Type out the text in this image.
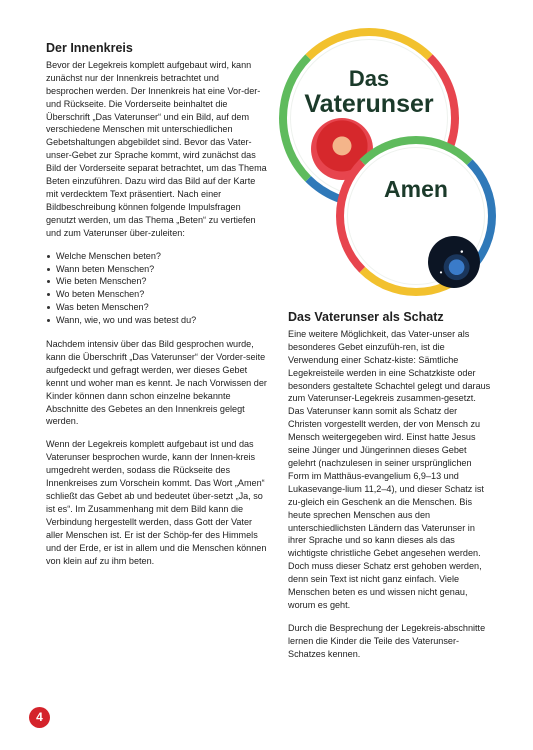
Der Innenkreis

Bevor der Legekreis komplett aufgebaut wird, kann zunächst nur der Innenkreis betrachtet und besprochen werden. Der Innenkreis hat eine Vor-der- und Rückseite. Die Vorderseite beinhaltet die Überschrift „Das Vaterunser“ und ein Bild, auf dem verschiedene Menschen mit unterschiedlichen Gebetshaltungen abgebildet sind. Bevor das Vater-unser-Gebet zur Sprache kommt, wird zunächst das Bild der Vorderseite separat betrachtet, um das Thema Beten einzuführen. Dazu wird das Bild auf der Karte mit verdecktem Text präsentiert. Nach einer Bildbeschreibung können folgende Impulsfragen genutzt werden, um das Thema „Beten“ zu vertiefen und zum Vaterunser über-zuleiten:

Welche Menschen beten?
Wann beten Menschen?
Wie beten Menschen?
Wo beten Menschen?
Was beten Menschen?
Wann, wie, wo und was betest du?

Nachdem intensiv über das Bild gesprochen wurde, kann die Überschrift „Das Vaterunser“ der Vorder-seite aufgedeckt und gefragt werden, wer dieses Gebet kennt und woher man es kennt. Je nach Vorwissen der Kinder können dann schon einzelne bekannte Abschnitte des Gebetes an den Innenkreis gelegt werden.

Wenn der Legekreis komplett aufgebaut ist und das Vaterunser besprochen wurde, kann der Innen-kreis umgedreht werden, sodass die Rückseite des Innenkreises zum Vorschein kommt. Das Wort „Amen“ schließt das Gebet ab und bedeutet über-setzt „Ja, so ist es“. Im Zusammenhang mit dem Bild kann die Verbindung hergestellt werden, dass Gott der Vater aller Menschen ist. Er ist der Schöp-fer des Himmels und der Erde, er ist in allem und die Menschen können von klein auf zu ihm beten.

Das
Vaterunser
Amen
Das Vaterunser als Schatz

Eine weitere Möglichkeit, das Vater-unser als besonderes Gebet einzufüh-ren, ist die Verwendung einer Schatz-kiste: Sämtliche Legekreisteile werden in eine Schatzkiste oder besonders gestaltete Schachtel gelegt und daraus zum Vaterunser-Legekreis zusammen-gesetzt. Das Vaterunser kann somit als Schatz der Christen vorgestellt werden, der von Mensch zu Mensch weitergegeben wird. Einst hatte Jesus seine Jünger und Jüngerinnen dieses Gebet gelehrt (nachzulesen in seiner ursprünglichen Form im Matthäus-evangelium 6,9–13 und Lukasevange-lium 11,2–4), und dieser Schatz ist zu-gleich ein Geschenk an die Menschen. Bis heute sprechen Menschen aus den unterschiedlichsten Ländern das Vaterunser in ihrer Sprache und so kann dieses als das wichtigste christliche Gebet angesehen werden. Doch muss dieser Schatz erst gehoben werden, denn sein Text ist nicht ganz einfach. Viele Menschen beten es und wissen nicht genau, worum es geht.

Durch die Besprechung der Legekreis-abschnitte lernen die Kinder die Teile des Vaterunser-Schatzes kennen.

4
